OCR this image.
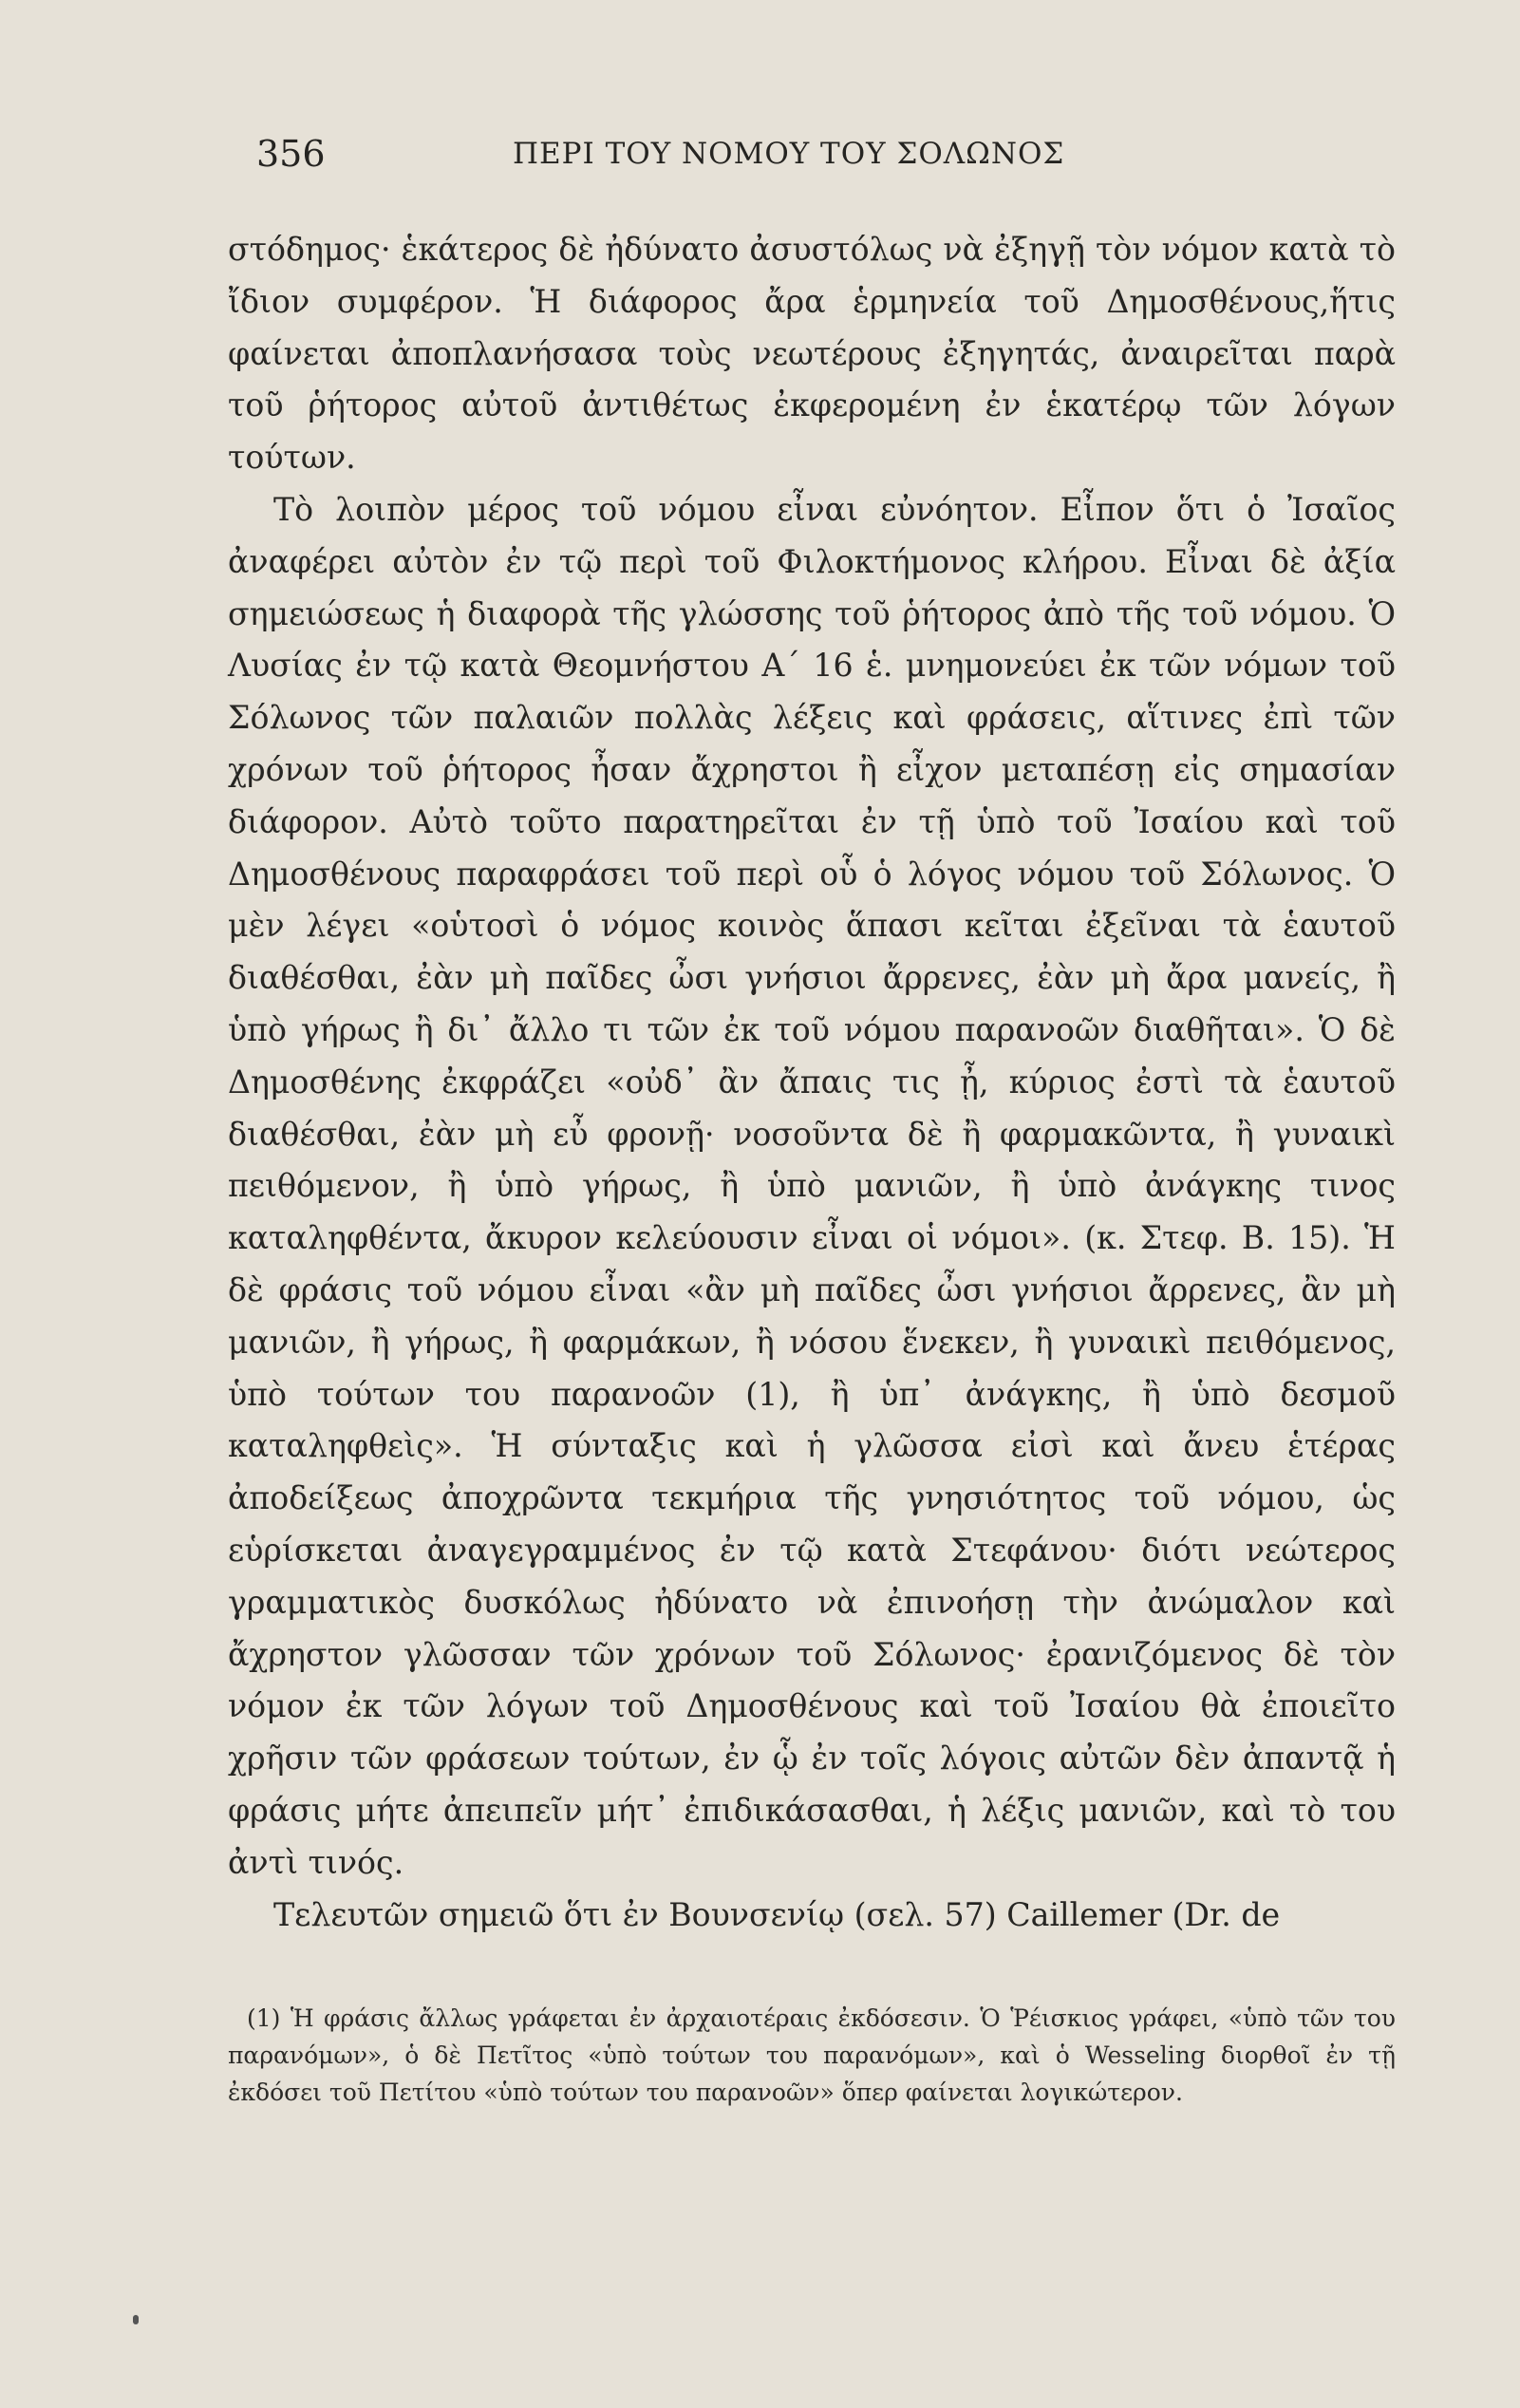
356	ΠΕΡΙ ΤΟΥ ΝΟΜΟΥ ΤΟΥ ΣΟΛΩΝΟΣ

στόδημος· ἑκάτερος δὲ ἠδύνατο ἀσυστόλως νὰ ἐξηγῇ τὸν νόμον κατὰ τὸ ἴδιον συμφέρον. Ἡ διάφορος ἄρα ἑρμηνεία τοῦ Δημοσθένους,ἥτις φαίνεται ἀποπλανήσασα τοὺς νεωτέρους ἐξηγητάς, ἀναιρεῖται παρὰ τοῦ ῥήτορος αὐτοῦ ἀντιθέτως ἐκφερομένη ἐν ἑκατέρῳ τῶν λόγων τούτων.

Τὸ λοιπὸν μέρος τοῦ νόμου εἶναι εὐνόητον. Εἶπον ὅτι ὁ Ἰσαῖος ἀναφέρει αὐτὸν ἐν τῷ περὶ τοῦ Φιλοκτήμονος κλήρου. Εἶναι δὲ ἀξία σημειώσεως ἡ διαφορὰ τῆς γλώσσης τοῦ ῥήτορος ἀπὸ τῆς τοῦ νόμου. Ὁ Λυσίας ἐν τῷ κατὰ Θεομνήστου Α΄ 16 ἑ. μνημονεύει ἐκ τῶν νόμων τοῦ Σόλωνος τῶν παλαιῶν πολλὰς λέξεις καὶ φράσεις, αἵτινες ἐπὶ τῶν χρόνων τοῦ ῥήτορος ἦσαν ἄχρηστοι ἢ εἶχον μεταπέσῃ εἰς σημασίαν διάφορον. Αὐτὸ τοῦτο παρατηρεῖται ἐν τῇ ὑπὸ τοῦ Ἰσαίου καὶ τοῦ Δημοσθένους παραφράσει τοῦ περὶ οὗ ὁ λόγος νόμου τοῦ Σόλωνος. Ὁ μὲν λέγει «οὑτοσὶ ὁ νόμος κοινὸς ἅπασι κεῖται ἐξεῖναι τὰ ἑαυτοῦ διαθέσθαι, ἐὰν μὴ παῖδες ὦσι γνήσιοι ἄρρενες, ἐὰν μὴ ἄρα μανείς, ἢ ὑπὸ γήρως ἢ δι᾽ ἄλλο τι τῶν ἐκ τοῦ νόμου παρανοῶν διαθῆται». Ὁ δὲ Δημοσθένης ἐκφράζει «οὐδ᾽ ἂν ἄπαις τις ᾖ, κύριος ἐστὶ τὰ ἑαυτοῦ διαθέσθαι, ἐὰν μὴ εὖ φρονῇ· νοσοῦντα δὲ ἢ φαρμακῶντα, ἢ γυναικὶ πειθόμενον, ἢ ὑπὸ γήρως, ἢ ὑπὸ μανιῶν, ἢ ὑπὸ ἀνάγκης τινος καταληφθέντα, ἄκυρον κελεύουσιν εἶναι οἱ νόμοι». (κ. Στεφ. Β. 15). Ἡ δὲ φράσις τοῦ νόμου εἶναι «ἂν μὴ παῖδες ὦσι γνήσιοι ἄρρενες, ἂν μὴ μανιῶν, ἢ γήρως, ἢ φαρμάκων, ἢ νόσου ἕνεκεν, ἢ γυναικὶ πειθόμενος, ὑπὸ τούτων του παρανοῶν (1), ἢ ὑπ᾽ ἀνάγκης, ἢ ὑπὸ δεσμοῦ καταληφθεὶς». Ἡ σύνταξις καὶ ἡ γλῶσσα εἰσὶ καὶ ἄνευ ἑτέρας ἀποδείξεως ἀποχρῶντα τεκμήρια τῆς γνησιότητος τοῦ νόμου, ὡς εὑρίσκεται ἀναγεγραμμένος ἐν τῷ κατὰ Στεφάνου· διότι νεώτερος γραμματικὸς δυσκόλως ἠδύνατο νὰ ἐπινοήσῃ τὴν ἀνώμαλον καὶ ἄχρηστον γλῶσσαν τῶν χρόνων τοῦ Σόλωνος· ἐρανιζόμενος δὲ τὸν νόμον ἐκ τῶν λόγων τοῦ Δημοσθένους καὶ τοῦ Ἰσαίου θὰ ἐποιεῖτο χρῆσιν τῶν φράσεων τούτων, ἐν ᾧ ἐν τοῖς λόγοις αὐτῶν δὲν ἀπαντᾷ ἡ φράσις μήτε ἀπειπεῖν μήτ᾽ ἐπιδικάσασθαι, ἡ λέξις μανιῶν, καὶ τὸ του ἀντὶ τινός.

Τελευτῶν σημειῶ ὅτι ἐν Βουνσενίῳ (σελ. 57) Caillemer (Dr. de

(1) Ἡ φράσις ἄλλως γράφεται ἐν ἀρχαιοτέραις ἐκδόσεσιν. Ὁ Ῥέισκιος γράφει, «ὑπὸ τῶν του παρανόμων», ὁ δὲ Πετῖτος «ὑπὸ τούτων του παρανόμων», καὶ ὁ Wesseling διορθοῖ ἐν τῇ ἐκδόσει τοῦ Πετίτου «ὑπὸ τούτων του παρανοῶν» ὅπερ φαίνεται λογικώτερον.
